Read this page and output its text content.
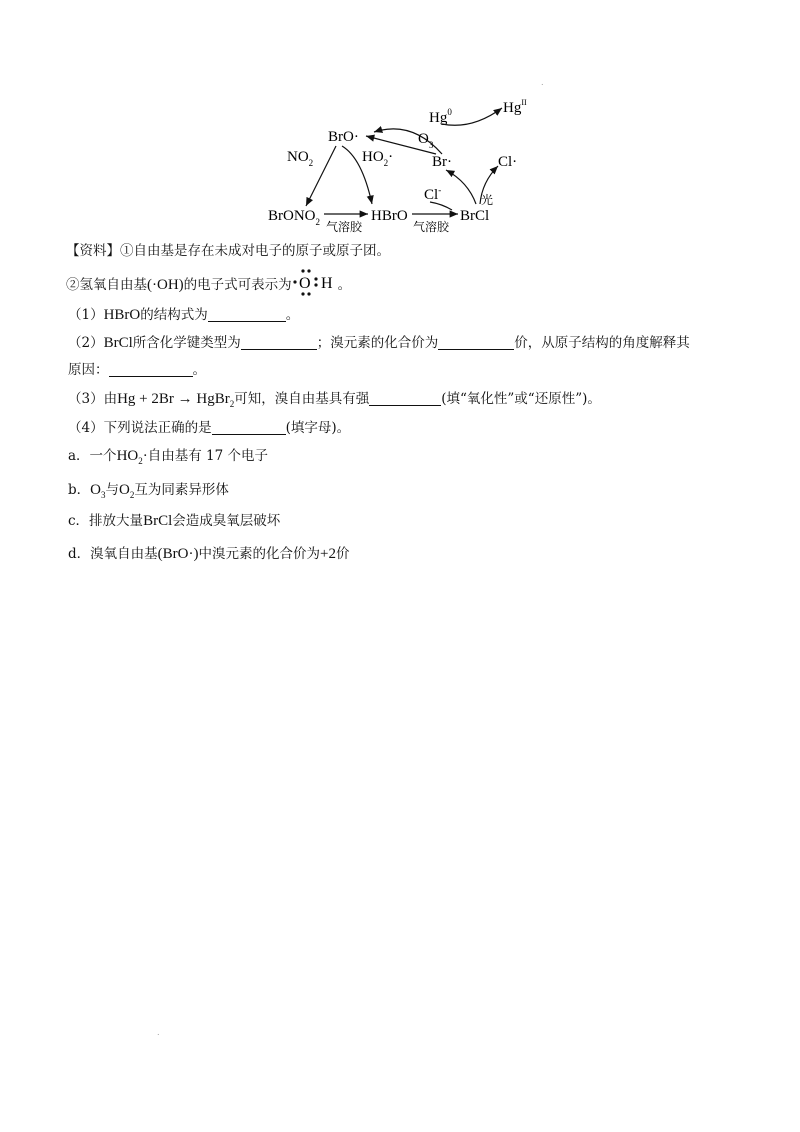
.
.
Hg$^0$	$Hg^{II}$
BrO·	$O_3$
$NO_2$	$HO_2\cdot$	Br·	Cl·
Cl-
光
BrONO$_2$ 气溶胶
HBrO
气溶胶
BrCl
【资料】①自由基是存在未成对电子的原子或原子团。
②氢氧自由基(·OH)的电子式可表示为 O H 。
（1）HBrO的结构式为	。
（2）BrCl所含化学键类型为	；溴元素的化合价为	价，从原子结构的角度解释其
原因：	。
（3）由Hg + 2Br → HgBr$_2$可知，溴自由基具有强	(填“氧化性”或“还原性”)。
（4）下列说法正确的是	(填字母)。
a．一个$HO_2\cdot$自由基有 17 个电子
b．$O_3$与$O_2$互为同素异形体
c．排放大量BrCl会造成臭氧层破坏
d．溴氧自由基(BrO·)中溴元素的化合价为+2价
